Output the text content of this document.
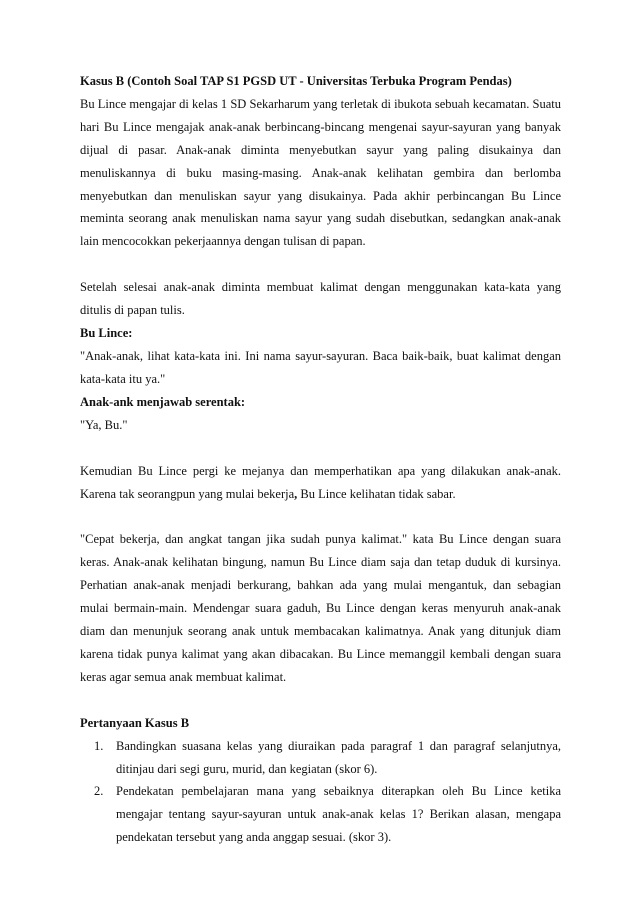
Kasus B (Contoh Soal TAP S1 PGSD UT - Universitas Terbuka Program Pendas)

Bu Lince mengajar di kelas 1 SD Sekarharum yang terletak di ibukota sebuah kecamatan. Suatu hari Bu Lince mengajak anak-anak berbincang-bincang mengenai sayur-sayuran yang banyak dijual di pasar. Anak-anak diminta menyebutkan sayur yang paling disukainya dan menuliskannya di buku masing-masing. Anak-anak kelihatan gembira dan berlomba menyebutkan dan menuliskan sayur yang disukainya. Pada akhir perbincangan Bu Lince meminta seorang anak menuliskan nama sayur yang sudah disebutkan, sedangkan anak-anak lain mencocokkan pekerjaannya dengan tulisan di papan.

Setelah selesai anak-anak diminta membuat kalimat dengan menggunakan kata-kata yang ditulis di papan tulis.

Bu Lince:

"Anak-anak, lihat kata-kata ini. Ini nama sayur-sayuran. Baca baik-baik, buat kalimat dengan kata-kata itu ya."

Anak-ank menjawab serentak:

"Ya, Bu."

Kemudian Bu Lince pergi ke mejanya dan memperhatikan apa yang dilakukan anak-anak. Karena tak seorangpun yang mulai bekerja, Bu Lince kelihatan tidak sabar.

"Cepat bekerja, dan angkat tangan jika sudah punya kalimat." kata Bu Lince dengan suara keras. Anak-anak kelihatan bingung, namun Bu Lince diam saja dan tetap duduk di kursinya. Perhatian anak-anak menjadi berkurang, bahkan ada yang mulai mengantuk, dan sebagian mulai bermain-main. Mendengar suara gaduh, Bu Lince dengan keras menyuruh anak-anak diam dan menunjuk seorang anak untuk membacakan kalimatnya. Anak yang ditunjuk diam karena tidak punya kalimat yang akan dibacakan. Bu Lince memanggil kembali dengan suara keras agar semua anak membuat kalimat.

Pertanyaan Kasus B

1.	Bandingkan suasana kelas yang diuraikan pada paragraf 1 dan paragraf selanjutnya, ditinjau dari segi guru, murid, dan kegiatan (skor 6).
2.	Pendekatan pembelajaran mana yang sebaiknya diterapkan oleh Bu Lince ketika mengajar tentang sayur-sayuran untuk anak-anak kelas 1? Berikan alasan, mengapa pendekatan tersebut yang anda anggap sesuai. (skor 3).
